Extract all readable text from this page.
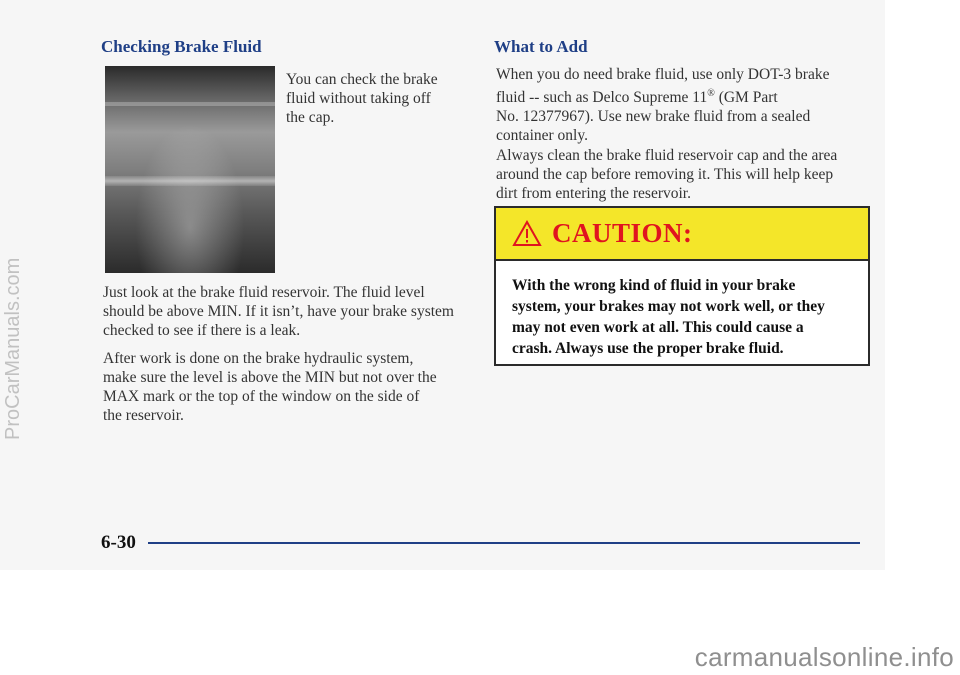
Checking Brake Fluid

You can check the brake
fluid without taking off
the cap.

Just look at the brake fluid reservoir. The fluid level
should be above MIN. If it isn’t, have your brake system
checked to see if there is a leak.

After work is done on the brake hydraulic system,
make sure the level is above the MIN but not over the
MAX mark or the top of the window on the side of
the reservoir.

What to Add

When you do need brake fluid, use only DOT-3 brake
fluid -- such as Delco Supreme 11® (GM Part
No. 12377967). Use new brake fluid from a sealed
container only.

Always clean the brake fluid reservoir cap and the area
around the cap before removing it. This will help keep
dirt from entering the reservoir.

CAUTION:

With the wrong kind of fluid in your brake
system, your brakes may not work well, or they
may not even work at all. This could cause a
crash. Always use the proper brake fluid.

6-30

ProCarManuals.com
carmanualsonline.info
